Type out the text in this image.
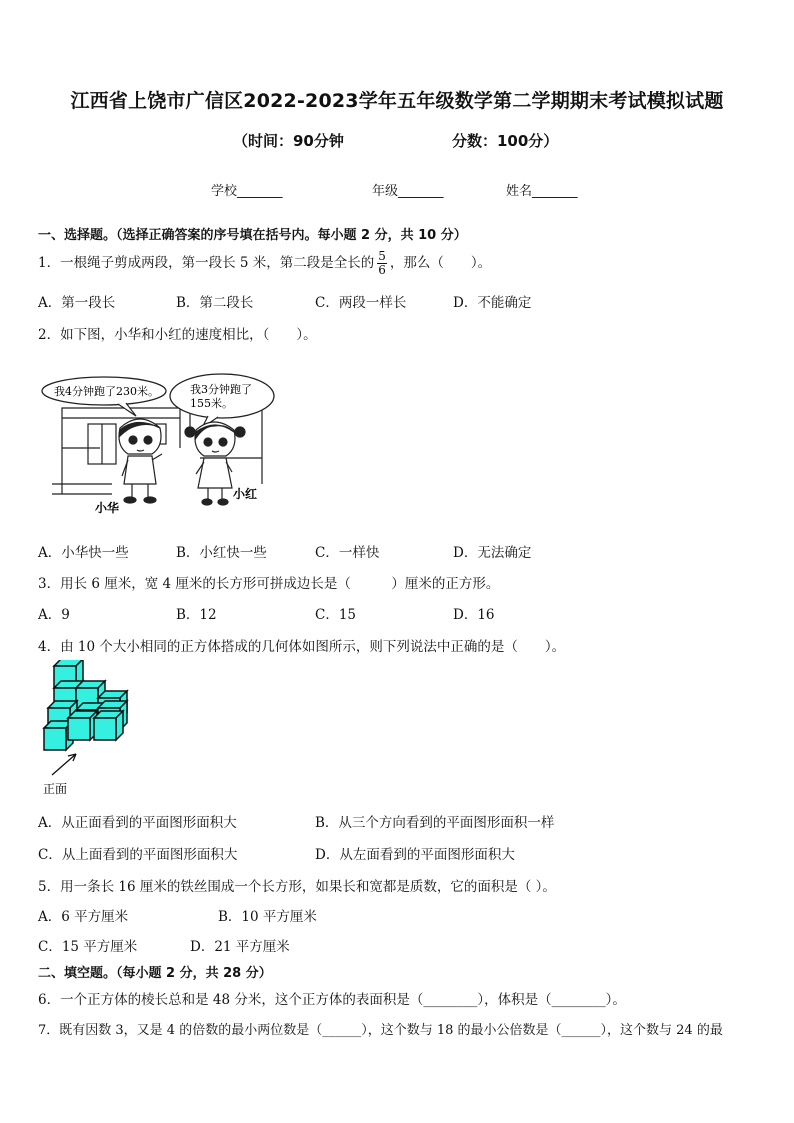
江西省上饶市广信区2022-2023学年五年级数学第二学期期末考试模拟试题
（时间：90分钟	分数：100分）
学校_______	年级_______	姓名_______
一、选择题。（选择正确答案的序号填在括号内。每小题 2 分，共 10 分）
1．一根绳子剪成两段，第一段长 5 米，第二段是全长的 $\frac{5}{6}$ ，那么（　　）。
A．第一段长	B．第二段长	C．两段一样长	D．不能确定
2．如下图，小华和小红的速度相比，（　　）。
我4分钟跑了230米。	我3分钟跑了
155米。
小华
小红
A．小华快一些	B．小红快一些	C．一样快	D．无法确定
3．用长 6 厘米，宽 4 厘米的长方形可拼成边长是（　　　）厘米的正方形。
A．9	B．12	C．15	D．16
4．由 10 个大小相同的正方体搭成的几何体如图所示，则下列说法中正确的是（　　）。
正面
A．从正面看到的平面图形面积大	B．从三个方向看到的平面图形面积一样
C．从上面看到的平面图形面积大	D．从左面看到的平面图形面积大
5．用一条长 16 厘米的铁丝围成一个长方形，如果长和宽都是质数，它的面积是（ ）。
A．6 平方厘米	B．10 平方厘米
C．15 平方厘米	D．21 平方厘米
二、填空题。（每小题 2 分，共 28 分）
6．一个正方体的棱长总和是 48 分米，这个正方体的表面积是（________），体积是（________）。
7．既有因数 3，又是 4 的倍数的最小两位数是（______），这个数与 18 的最小公倍数是（______），这个数与 24 的最
